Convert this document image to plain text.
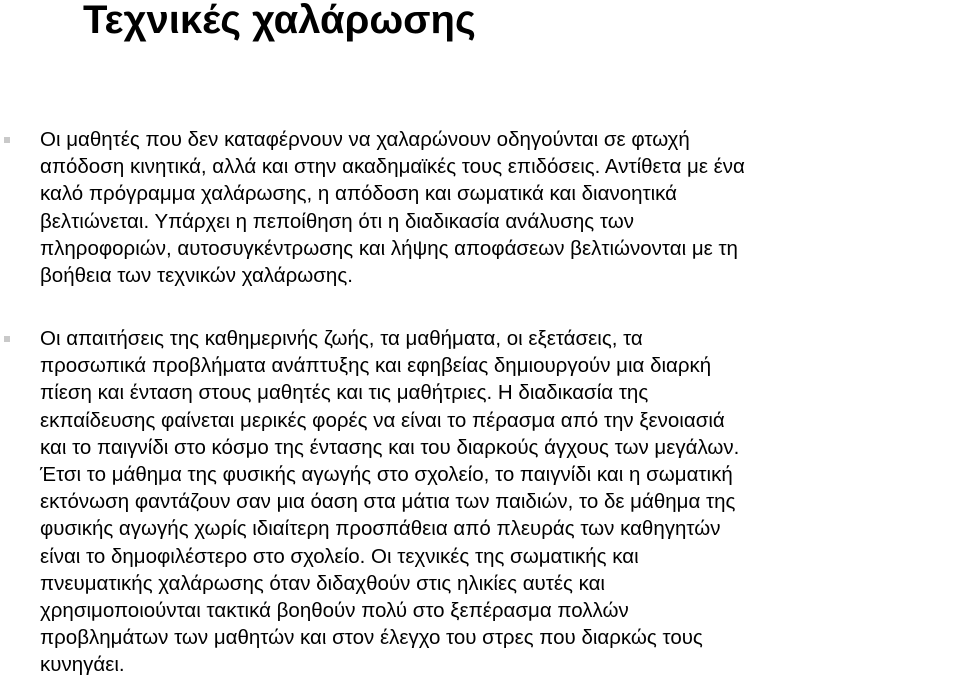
Τεχνικές χαλάρωσης

Οι μαθητές που δεν καταφέρνουν να χαλαρώνουν οδηγούνται σε φτωχή
απόδοση κινητικά, αλλά και στην ακαδημαϊκές τους επιδόσεις. Αντίθετα με ένα
καλό πρόγραμμα χαλάρωσης, η απόδοση και σωματικά και διανοητικά
βελτιώνεται. Υπάρχει η πεποίθηση ότι η διαδικασία ανάλυσης των
πληροφοριών, αυτοσυγκέντρωσης και λήψης αποφάσεων βελτιώνονται με τη
βοήθεια των τεχνικών χαλάρωσης.

Οι απαιτήσεις της καθημερινής ζωής, τα μαθήματα, οι εξετάσεις, τα
προσωπικά προβλήματα ανάπτυξης και εφηβείας δημιουργούν μια διαρκή
πίεση και ένταση στους μαθητές και τις μαθήτριες. Η διαδικασία της
εκπαίδευσης φαίνεται μερικές φορές να είναι το πέρασμα από την ξενοιασιά
και το παιγνίδι στο κόσμο της έντασης και του διαρκούς άγχους των μεγάλων.
Έτσι το μάθημα της φυσικής αγωγής στο σχολείο, το παιγνίδι και η σωματική
εκτόνωση φαντάζουν σαν μια όαση στα μάτια των παιδιών, το δε μάθημα της
φυσικής αγωγής χωρίς ιδιαίτερη προσπάθεια από πλευράς των καθηγητών
είναι το δημοφιλέστερο στο σχολείο. Οι τεχνικές της σωματικής και
πνευματικής χαλάρωσης όταν διδαχθούν στις ηλικίες αυτές και
χρησιμοποιούνται τακτικά βοηθούν πολύ στο ξεπέρασμα πολλών
προβλημάτων των μαθητών και στον έλεγχο του στρες που διαρκώς τους
κυνηγάει.
